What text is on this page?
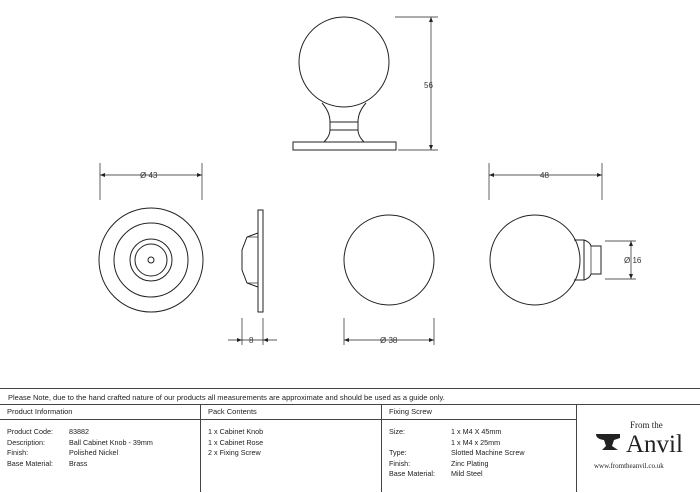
56
Ø 43
8	Ø 38
48
Ø 16
Please Note, due to the hand crafted nature of our products all measurements are approximate and should be used as a guide only.
Product Information
Product Code: 83882
Description:	Ball Cabinet Knob - 39mm
Finish:	Polished Nickel
Base Material: Brass
Pack Contents
1 x Cabinet Knob
1 x Cabinet Rose
2 x Fixing Screw
Fixing Screw
Size:	1 x M4 X 45mm
1 x M4 x 25mm
Type:	Slotted Machine Screw
Finish:	Zinc Plating
Base Material: Mild Steel
From the
Anvil
www.fromtheanvil.co.uk
